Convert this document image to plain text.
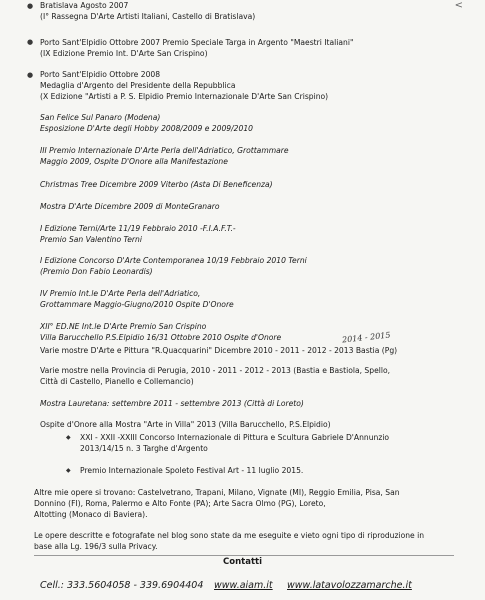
<
● Bratislava Agosto 2007
(I° Rassegna D'Arte Artisti Italiani, Castello di Bratislava)
● Porto Sant'Elpidio Ottobre 2007 Premio Speciale Targa in Argento "Maestri Italiani"
(IX Edizione Premio Int. D'Arte San Crispino)
● Porto Sant'Elpidio Ottobre 2008
Medaglia d'Argento del Presidente della Repubblica
(X Edizione "Artisti a P. S. Elpidio Premio Internazionale D'Arte San Crispino)
San Felice Sul Panaro (Modena)
Esposizione D'Arte degli Hobby 2008/2009 e 2009/2010
III Premio Internazionale D'Arte Perla dell'Adriatico, Grottammare
Maggio 2009, Ospite D'Onore alla Manifestazione
Christmas Tree Dicembre 2009 Viterbo (Asta Di Beneficenza)
Mostra D'Arte Dicembre 2009 di MonteGranaro
I Edizione Terni/Arte 11/19 Febbraio 2010 -F.I.A.F.T.-
Premio San Valentino Terni
I Edizione Concorso D'Arte Contemporanea 10/19 Febbraio 2010 Terni
(Premio Don Fabio Leonardis)
IV Premio Int.le D'Arte Perla dell'Adriatico,
Grottammare Maggio-Giugno/2010 Ospite D'Onore
XII° ED.NE Int.le D'Arte Premio San Crispino
Villa Barucchello P.S.Elpidio 16/31 Ottobre 2010 Ospite d'Onore	2014 - 2015
Varie mostre D'Arte e Pittura "R.Quacquarini" Dicembre 2010 - 2011 - 2012 - 2013 Bastia (Pg)
Varie mostre nella Provincia di Perugia, 2010 - 2011 - 2012 - 2013 (Bastia e Bastiola, Spello,
Città di Castello, Pianello e Collemancio)
Mostra Lauretana: settembre 2011 - settembre 2013 (Città di Loreto)
Ospite d'Onore alla Mostra "Arte in Villa" 2013 (Villa Barucchello, P.S.Elpidio)
◆ XXI - XXII -XXIII Concorso Internazionale di Pittura e Scultura Gabriele D'Annunzio
2013/14/15 n. 3 Targhe d'Argento
◆ Premio Internazionale Spoleto Festival Art - 11 luglio 2015.
Altre mie opere si trovano: Castelvetrano, Trapani, Milano, Vignate (MI), Reggio Emilia, Pisa, San
Donnino (FI), Roma, Palermo e Alto Fonte (PA); Arte Sacra Olmo (PG), Loreto,
Altotting (Monaco di Baviera).
Le opere descritte e fotografate nel blog sono state da me eseguite e vieto ogni tipo di riproduzione in
base alla Lg. 196/3 sulla Privacy.
Contatti
Cell.: 333.5604058 - 339.6904404 www.aiam.it www.latavolozzamarche.it
